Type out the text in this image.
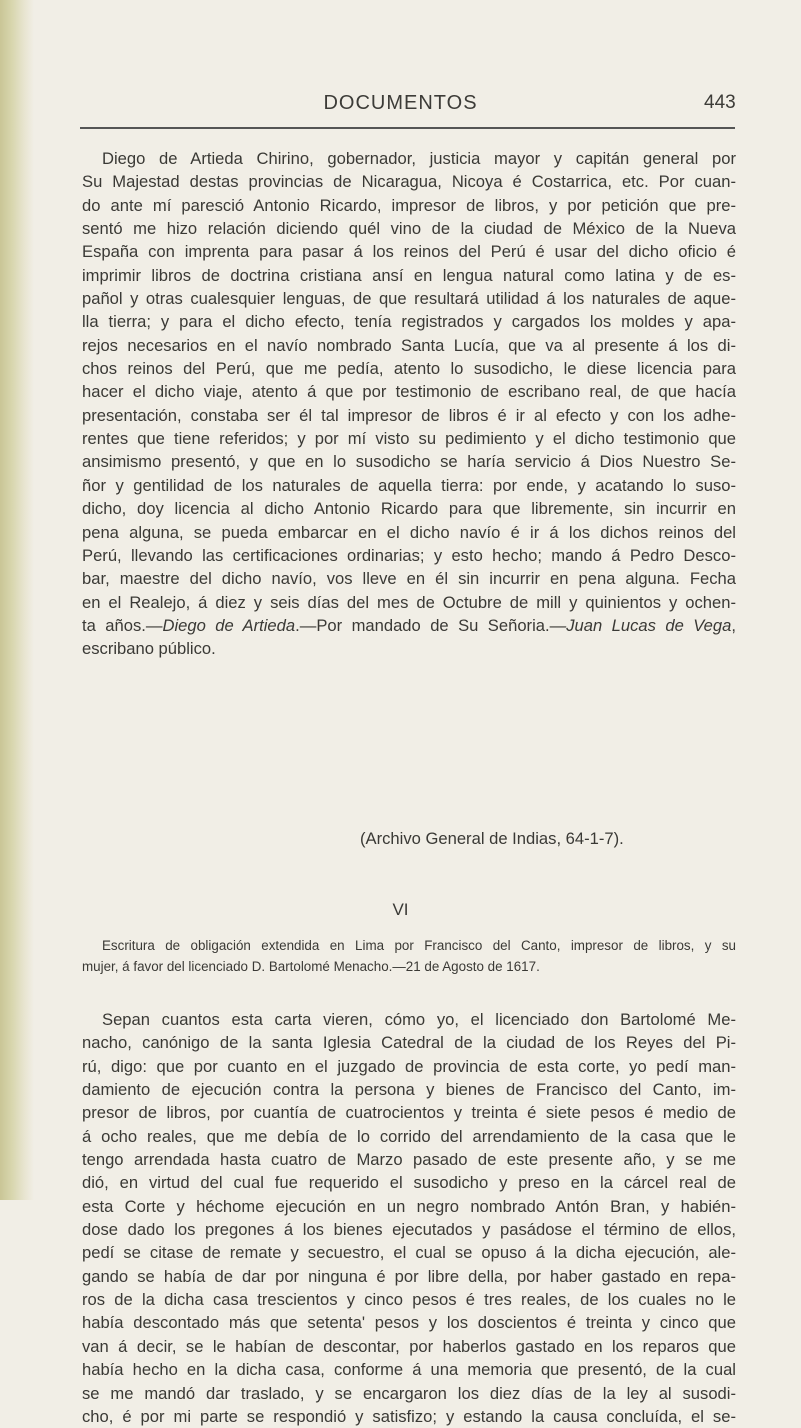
DOCUMENTOS	443
Diego de Artieda Chirino, gobernador, justicia mayor y capitán general por
Su Majestad destas provincias de Nicaragua, Nicoya é Costarrica, etc. Por cuan-
do ante mí paresció Antonio Ricardo, impresor de libros, y por petición que pre-
sentó me hizo relación diciendo quél vino de la ciudad de México de la Nueva
España con imprenta para pasar á los reinos del Perú é usar del dicho oficio é
imprimir libros de doctrina cristiana ansí en lengua natural como latina y de es-
pañol y otras cualesquier lenguas, de que resultará utilidad á los naturales de aque-
lla tierra; y para el dicho efecto, tenía registrados y cargados los moldes y apa-
rejos necesarios en el navío nombrado Santa Lucía, que va al presente á los di-
chos reinos del Perú, que me pedía, atento lo susodicho, le diese licencia para
hacer el dicho viaje, atento á que por testimonio de escribano real, de que hacía
presentación, constaba ser él tal impresor de libros é ir al efecto y con los adhe-
rentes que tiene referidos; y por mí visto su pedimiento y el dicho testimonio que
ansimismo presentó, y que en lo susodicho se haría servicio á Dios Nuestro Se-
ñor y gentilidad de los naturales de aquella tierra: por ende, y acatando lo suso-
dicho, doy licencia al dicho Antonio Ricardo para que libremente, sin incurrir en
pena alguna, se pueda embarcar en el dicho navío é ir á los dichos reinos del
Perú, llevando las certificaciones ordinarias; y esto hecho; mando á Pedro Desco-
bar, maestre del dicho navío, vos lleve en él sin incurrir en pena alguna. Fecha
en el Realejo, á diez y seis días del mes de Octubre de mill y quinientos y ochen-
ta años.—Diego de Artieda.—Por mandado de Su Señoria.—Juan Lucas de Vega,
escribano público.
(Archivo General de Indias, 64-1-7).
VI
Escritura de obligación extendida en Lima por Francisco del Canto, impresor de libros, y su
mujer, á favor del licenciado D. Bartolomé Menacho.—21 de Agosto de 1617.
Sepan cuantos esta carta vieren, cómo yo, el licenciado don Bartolomé Me-
nacho, canónigo de la santa Iglesia Catedral de la ciudad de los Reyes del Pi-
rú, digo: que por cuanto en el juzgado de provincia de esta corte, yo pedí man-
damiento de ejecución contra la persona y bienes de Francisco del Canto, im-
presor de libros, por cuantía de cuatrocientos y treinta é siete pesos é medio de
á ocho reales, que me debía de lo corrido del arrendamiento de la casa que le
tengo arrendada hasta cuatro de Marzo pasado de este presente año, y se me
dió, en virtud del cual fue requerido el susodicho y preso en la cárcel real de
esta Corte y héchome ejecución en un negro nombrado Antón Bran, y habién-
dose dado los pregones á los bienes ejecutados y pasádose el término de ellos,
pedí se citase de remate y secuestro, el cual se opuso á la dicha ejecución, ale-
gando se había de dar por ninguna é por libre della, por haber gastado en repa-
ros de la dicha casa trescientos y cinco pesos é tres reales, de los cuales no le
había descontado más que setenta' pesos y los doscientos é treinta y cinco que
van á decir, se le habían de descontar, por haberlos gastado en los reparos que
había hecho en la dicha casa, conforme á una memoria que presentó, de la cual
se me mandó dar traslado, y se encargaron los diez días de la ley al susodi-
cho, é por mi parte se respondió y satisfizo; y estando la causa concluída, el se-
